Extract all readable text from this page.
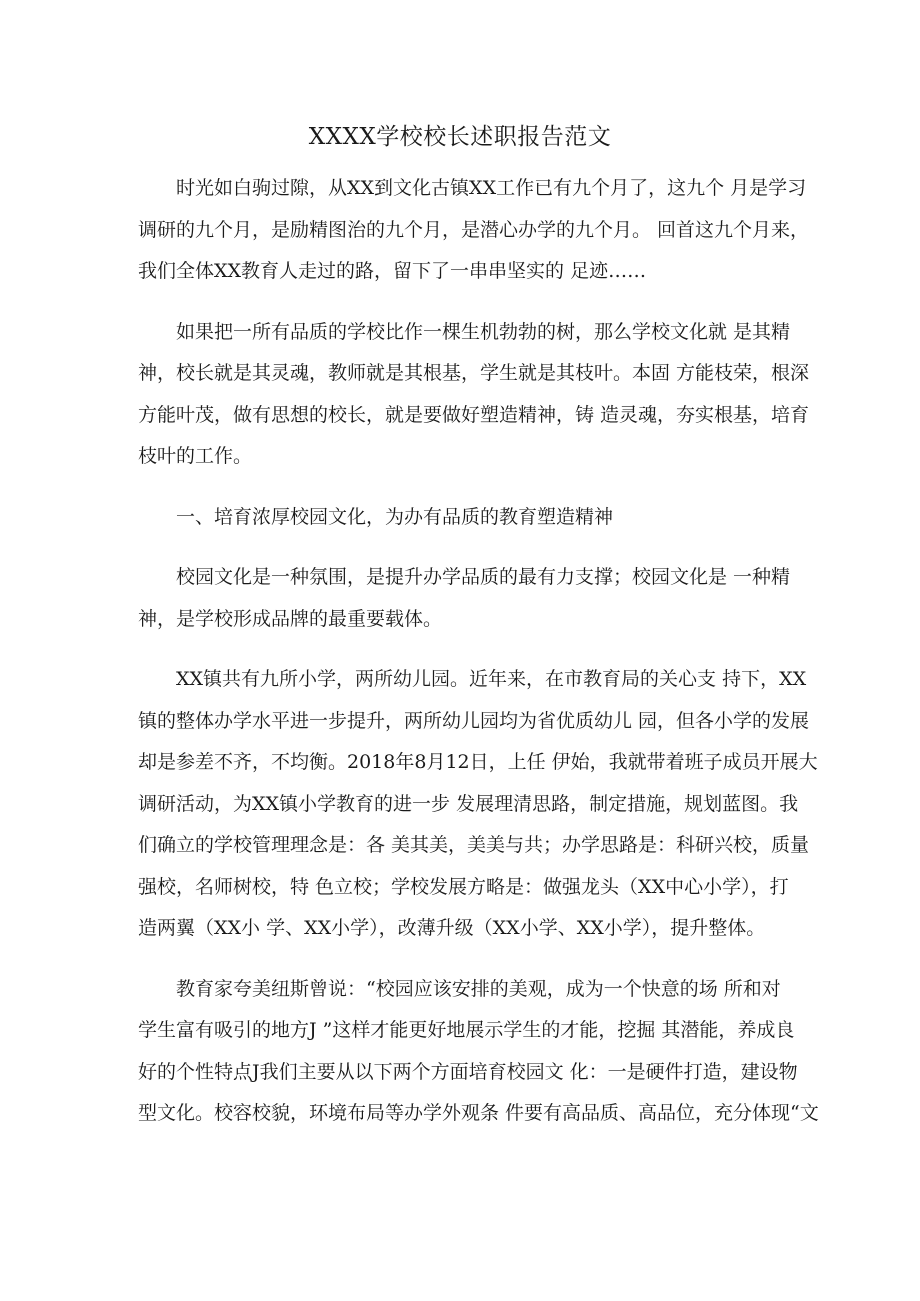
XXXX学校校长述职报告范文

时光如白驹过隙，从XX到文化古镇XX工作已有九个月了，这九个 月是学习
调研的九个月，是励精图治的九个月，是潜心办学的九个月。 回首这九个月来，
我们全体XX教育人走过的路，留下了一串串坚实的 足迹……

如果把一所有品质的学校比作一棵生机勃勃的树，那么学校文化就 是其精
神，校长就是其灵魂，教师就是其根基，学生就是其枝叶。本固 方能枝荣，根深
方能叶茂，做有思想的校长，就是要做好塑造精神，铸 造灵魂，夯实根基，培育
枝叶的工作。

一、培育浓厚校园文化，为办有品质的教育塑造精神

校园文化是一种氛围，是提升办学品质的最有力支撑；校园文化是 一种精
神，是学校形成品牌的最重要载体。

XX镇共有九所小学，两所幼儿园。近年来，在市教育局的关心支 持下，XX
镇的整体办学水平进一步提升，两所幼儿园均为省优质幼儿 园，但各小学的发展
却是参差不齐，不均衡。2018年8月12日，上任 伊始，我就带着班子成员开展大
调研活动，为XX镇小学教育的进一步 发展理清思路，制定措施，规划蓝图。我
们确立的学校管理理念是：各 美其美，美美与共；办学思路是：科研兴校，质量
强校，名师树校，特 色立校；学校发展方略是：做强龙头（XX中心小学），打
造两翼（XX小 学、XX小学），改薄升级（XX小学、XX小学），提升整体。

教育家夸美纽斯曾说：“校园应该安排的美观，成为一个快意的场 所和对
学生富有吸引的地方J ”这样才能更好地展示学生的才能，挖掘 其潜能，养成良
好的个性特点J我们主要从以下两个方面培育校园文 化：一是硬件打造，建设物
型文化。校容校貌，环境布局等办学外观条 件要有高品质、高品位，充分体现“文
